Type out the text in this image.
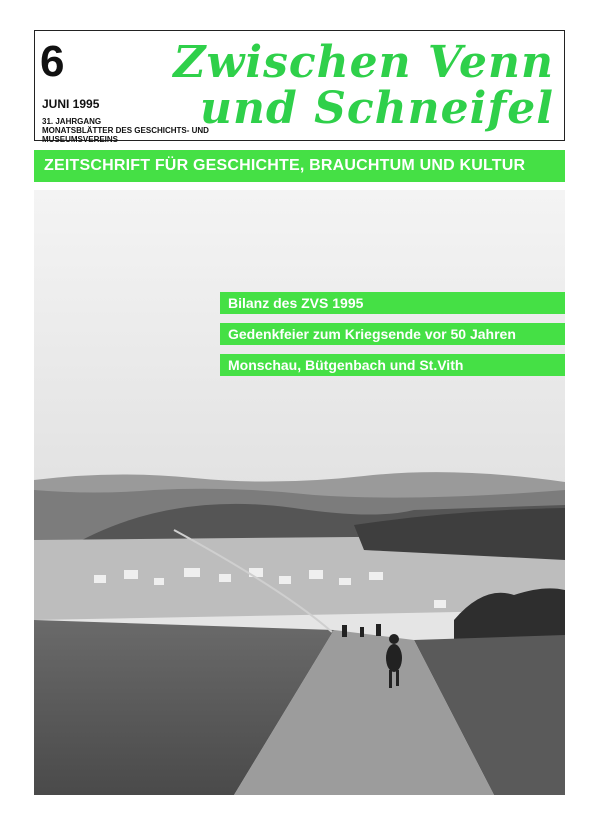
6
JUNI 1995
31. JAHRGANG
MONATSBLÄTTER DES GESCHICHTS- UND MUSEUMSVEREINS
Zwischen Venn
und Schneifel
ZEITSCHRIFT FÜR GESCHICHTE, BRAUCHTUM UND KULTUR
Bilanz des ZVS 1995
Gedenkfeier zum Kriegsende vor 50 Jahren
Monschau, Bütgenbach und St.Vith
